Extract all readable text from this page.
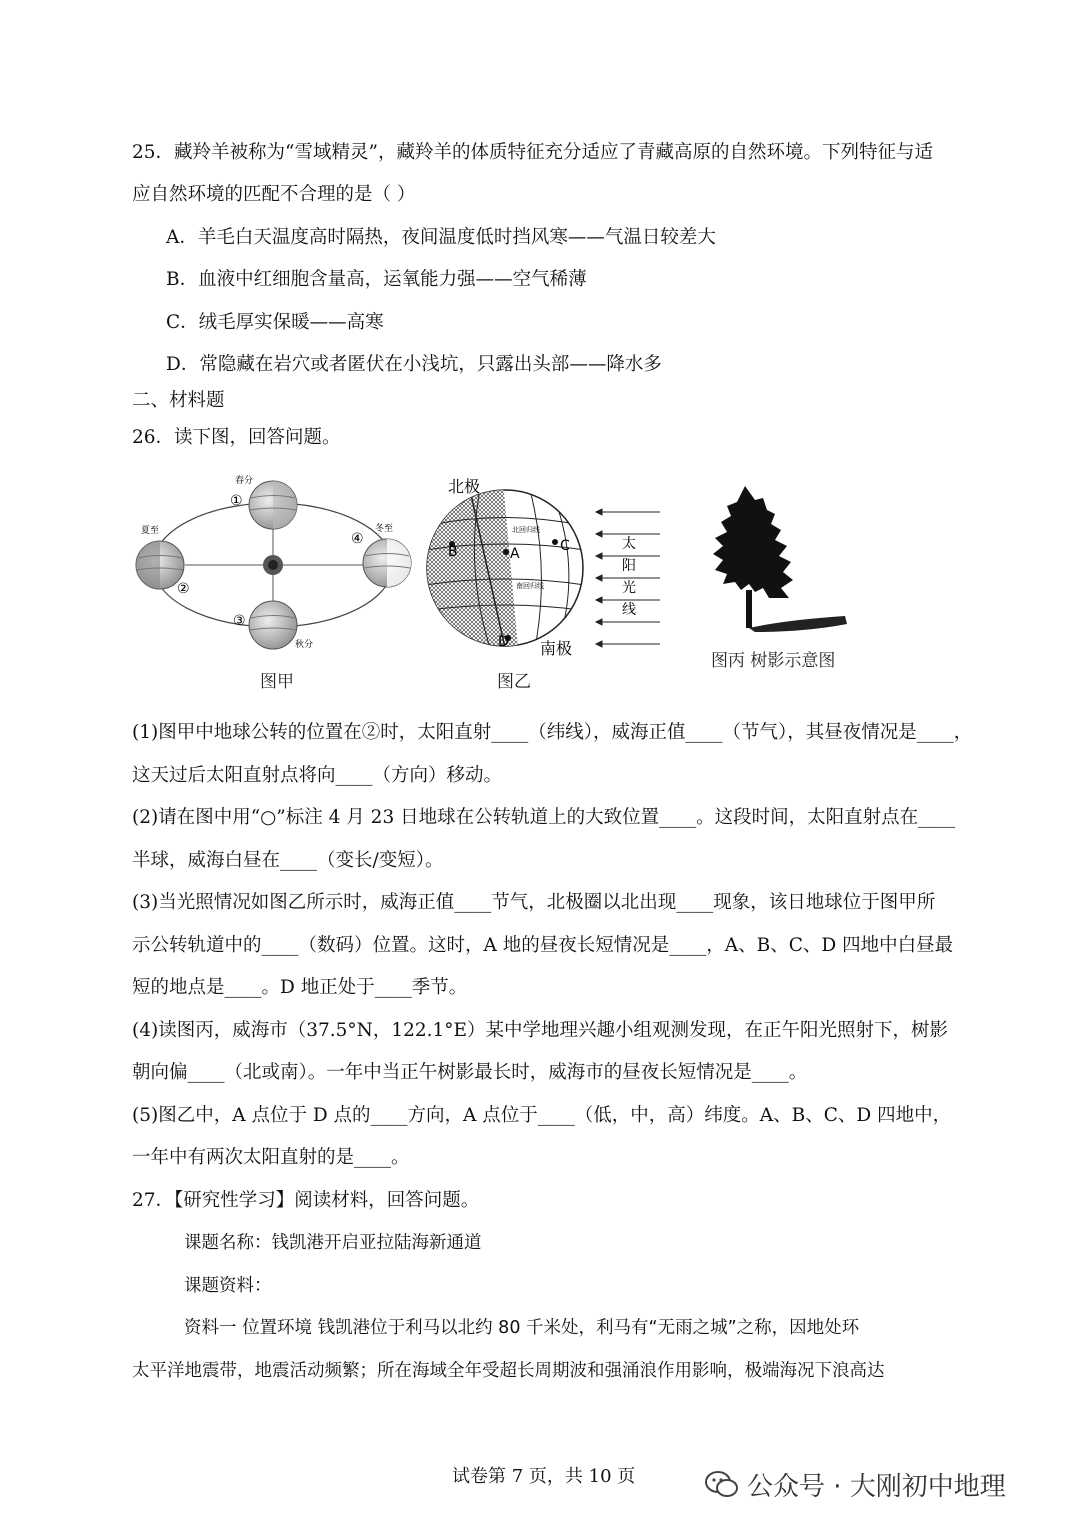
25．藏羚羊被称为“雪域精灵”，藏羚羊的体质特征充分适应了青藏高原的自然环境。下列特征与适
应自然环境的匹配不合理的是（ ）
A．羊毛白天温度高时隔热，夜间温度低时挡风寒——气温日较差大
B．血液中红细胞含量高，运氧能力强——空气稀薄
C．绒毛厚实保暖——高寒
D．常隐藏在岩穴或者匿伏在小浅坑，只露出头部——降水多
二、材料题
26．读下图，回答问题。
春分
夏至	冬至
秋分
①
②
③
④
图甲
A
B	C
D
北极
南极
北回归线
南回归线
太
阳
光
线
图乙
图丙 树影示意图
(1)图甲中地球公转的位置在②时，太阳直射____（纬线），威海正值____（节气），其昼夜情况是____，
这天过后太阳直射点将向____（方向）移动。
(2)请在图中用“○”标注 4 月 23 日地球在公转轨道上的大致位置____。这段时间，太阳直射点在____
半球，威海白昼在____（变长/变短）。
(3)当光照情况如图乙所示时，威海正值____节气，北极圈以北出现____现象，该日地球位于图甲所
示公转轨道中的____（数码）位置。这时，A 地的昼夜长短情况是____，A、B、C、D 四地中白昼最
短的地点是____。D 地正处于____季节。
(4)读图丙，威海市（37.5°N，122.1°E）某中学地理兴趣小组观测发现，在正午阳光照射下，树影
朝向偏____（北或南）。一年中当正午树影最长时，威海市的昼夜长短情况是____。
(5)图乙中，A 点位于 D 点的____方向，A 点位于____（低，中，高）纬度。A、B、C、D 四地中，
一年中有两次太阳直射的是____。
27．【研究性学习】阅读材料，回答问题。
课题名称：钱凯港开启亚拉陆海新通道
课题资料：
资料一 位置环境 钱凯港位于利马以北约 80 千米处，利马有“无雨之城”之称，因地处环
太平洋地震带，地震活动频繁；所在海域全年受超长周期波和强涌浪作用影响，极端海况下浪高达
试卷第 7 页，共 10 页	公众号 · 大刚初中地理
